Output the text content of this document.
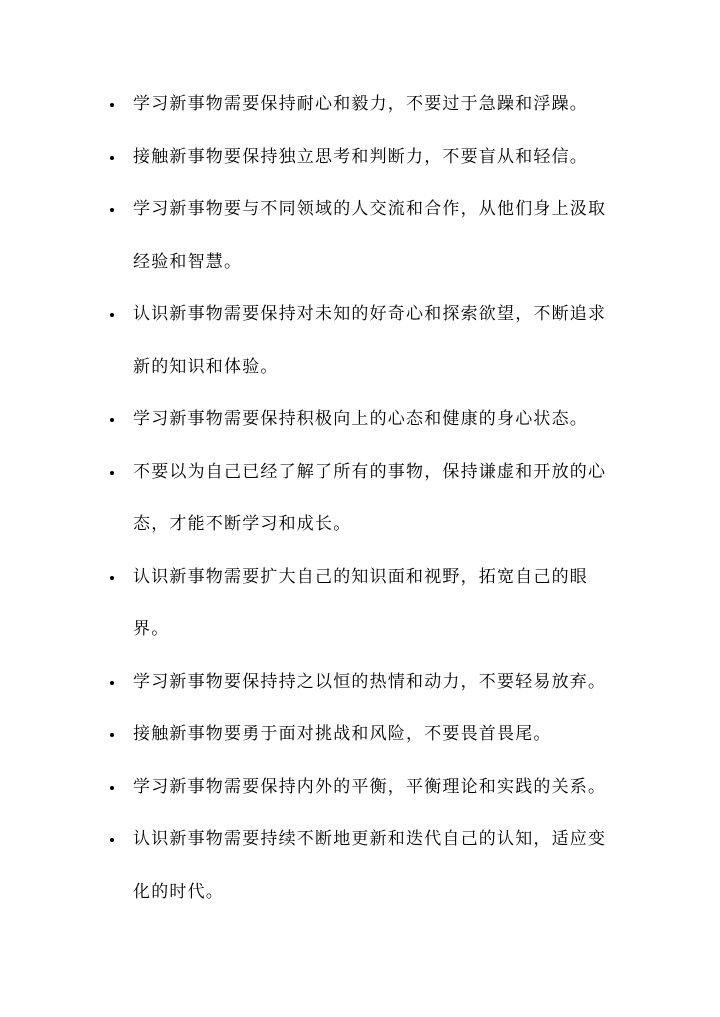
学习新事物需要保持耐心和毅力，不要过于急躁和浮躁。
接触新事物要保持独立思考和判断力，不要盲从和轻信。
学习新事物要与不同领域的人交流和合作，从他们身上汲取经验和智慧。
认识新事物需要保持对未知的好奇心和探索欲望，不断追求新的知识和体验。
学习新事物需要保持积极向上的心态和健康的身心状态。
不要以为自己已经了解了所有的事物，保持谦虚和开放的心态，才能不断学习和成长。
认识新事物需要扩大自己的知识面和视野，拓宽自己的眼界。
学习新事物要保持持之以恒的热情和动力，不要轻易放弃。
接触新事物要勇于面对挑战和风险，不要畏首畏尾。
学习新事物需要保持内外的平衡，平衡理论和实践的关系。
认识新事物需要持续不断地更新和迭代自己的认知，适应变化的时代。
